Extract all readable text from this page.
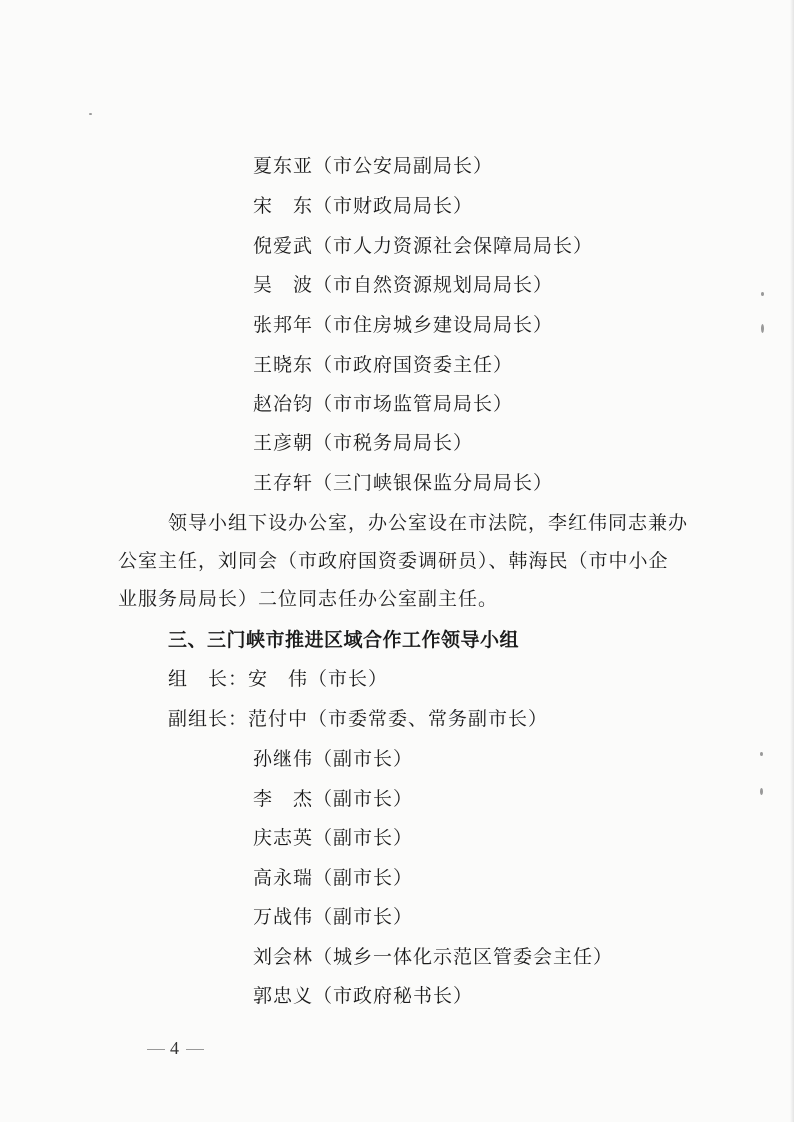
夏东亚（市公安局副局长）
宋　东（市财政局局长）
倪爱武（市人力资源社会保障局局长）
吴　波（市自然资源规划局局长）
张邦年（市住房城乡建设局局长）
王晓东（市政府国资委主任）
赵冶钧（市市场监管局局长）
王彦朝（市税务局局长）
王存轩（三门峡银保监分局局长）
领导小组下设办公室，办公室设在市法院，李红伟同志兼办
公室主任，刘同会（市政府国资委调研员）、韩海民（市中小企
业服务局局长）二位同志任办公室副主任。
三、三门峡市推进区域合作工作领导小组
组　长：安　伟（市长）
副组长：范付中（市委常委、常务副市长）
孙继伟（副市长）
李　杰（副市长）
庆志英（副市长）
高永瑞（副市长）
万战伟（副市长）
刘会林（城乡一体化示范区管委会主任）
郭忠义（市政府秘书长）
4
